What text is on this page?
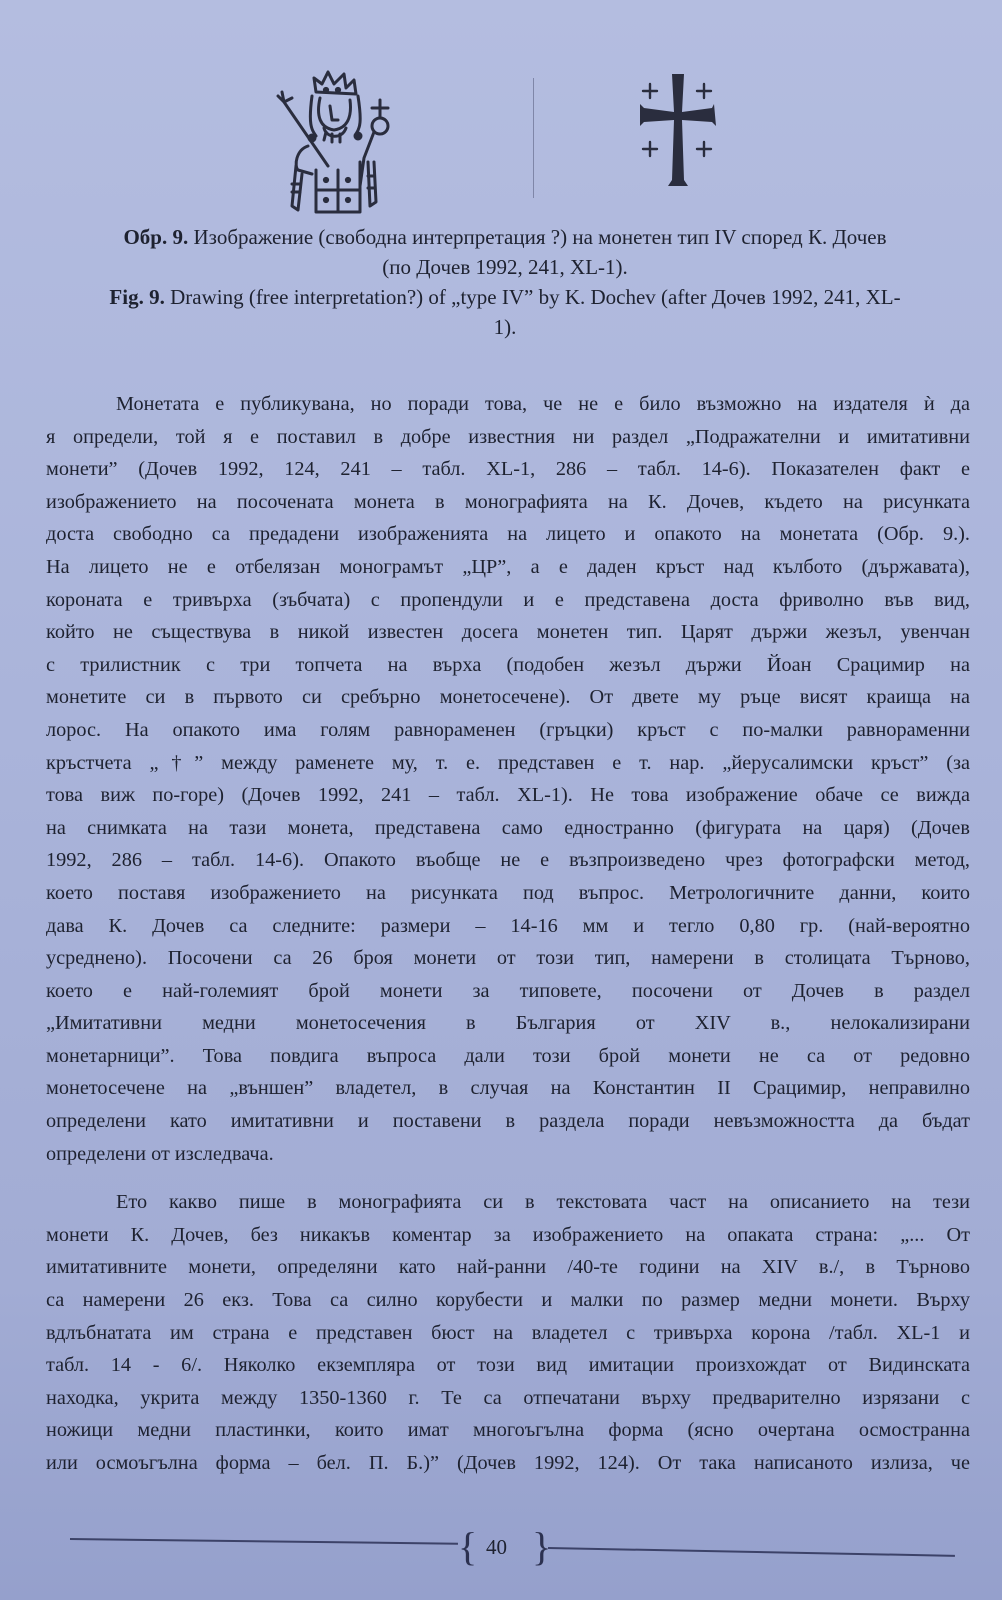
Обр. 9. Изображение (свободна интерпретация ?) на монетен тип IV според К. Дочев
(по Дочев 1992, 241, XL-1).
Fig. 9. Drawing (free interpretation?) of „type IV” by K. Dochev (after Дочев 1992, 241, XL-
1).
Монетата е публикувана, но поради това, че не е било възможно на издателя ѝ да
я определи, той я е поставил в добре известния ни раздел „Подражателни и имитативни
монети” (Дочев 1992, 124, 241 – табл. XL-1, 286 – табл. 14-6). Показателен факт е
изображението на посочената монета в монографията на К. Дочев, където на рисунката
доста свободно са предадени изображенията на лицето и опакото на монетата (Обр. 9.).
На лицето не е отбелязан монограмът „ЦР”, а е даден кръст над кълбото (държавата),
короната е тривърха (зъбчата) с пропендули и е представена доста фриволно във вид,
който не съществува в никой известен досега монетен тип. Царят държи жезъл, увенчан
с трилистник с три топчета на върха (подобен жезъл държи Йоан Срацимир на
монетите си в първото си сребърно монетосечене). От двете му ръце висят краища на
лорос. На опакото има голям равнораменен (гръцки) кръст с по-малки равнораменни
кръстчета „†” между раменете му, т. е. представен е т. нар. „йерусалимски кръст” (за
това виж по-горе) (Дочев 1992, 241 – табл. XL-1). Не това изображение обаче се вижда
на снимката на тази монета, представена само едностранно (фигурата на царя) (Дочев
1992, 286 – табл. 14-6). Опакото въобще не е възпроизведено чрез фотографски метод,
което поставя изображението на рисунката под въпрос. Метрологичните данни, които
дава К. Дочев са следните: размери – 14-16 мм и тегло 0,80 гр. (най-вероятно
усреднено). Посочени са 26 броя монети от този тип, намерени в столицата Търново,
което е най-големият брой монети за типовете, посочени от Дочев в раздел
„Имитативни медни монетосечения в България от XIV в., нелокализирани
монетарници”. Това повдига въпроса дали този брой монети не са от редовно
монетосечене на „външен” владетел, в случая на Константин II Срацимир, неправилно
определени като имитативни и поставени в раздела поради невъзможността да бъдат
определени от изследвача.
Ето какво пише в монографията си в текстовата част на описанието на тези
монети К. Дочев, без никакъв коментар за изображението на опаката страна: „... От
имитативните монети, определяни като най-ранни /40-те години на XIV в./, в Търново
са намерени 26 екз. Това са силно корубести и малки по размер медни монети. Върху
вдлъбнатата им страна е представен бюст на владетел с тривърха корона /табл. XL-1 и
табл. 14 - 6/. Няколко екземпляра от този вид имитации произхождат от Видинската
находка, укрита между 1350-1360 г. Те са отпечатани върху предварително изрязани с
ножици медни пластинки, които имат многоъгълна форма (ясно очертана осмостранна
или осмоъгълна форма – бел. П. Б.)” (Дочев 1992, 124). От така написаното излиза, че
{ 40 }
